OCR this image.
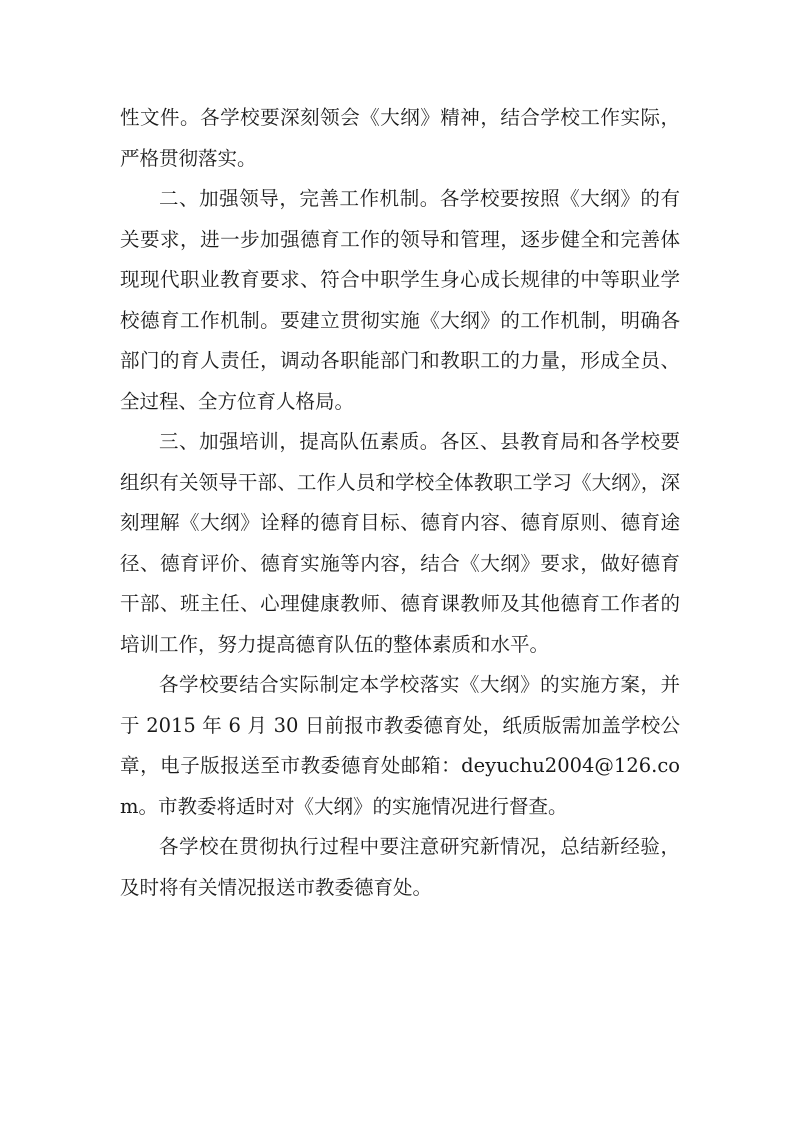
性文件。各学校要深刻领会《大纲》精神，结合学校工作实际，严格贯彻落实。

二、加强领导，完善工作机制。各学校要按照《大纲》的有关要求，进一步加强德育工作的领导和管理，逐步健全和完善体现现代职业教育要求、符合中职学生身心成长规律的中等职业学校德育工作机制。要建立贯彻实施《大纲》的工作机制，明确各部门的育人责任，调动各职能部门和教职工的力量，形成全员、全过程、全方位育人格局。

三、加强培训，提高队伍素质。各区、县教育局和各学校要组织有关领导干部、工作人员和学校全体教职工学习《大纲》，深刻理解《大纲》诠释的德育目标、德育内容、德育原则、德育途径、德育评价、德育实施等内容，结合《大纲》要求，做好德育干部、班主任、心理健康教师、德育课教师及其他德育工作者的培训工作，努力提高德育队伍的整体素质和水平。

各学校要结合实际制定本学校落实《大纲》的实施方案，并于 2015 年 6 月 30 日前报市教委德育处，纸质版需加盖学校公章，电子版报送至市教委德育处邮箱：deyuchu2004@126.com。市教委将适时对《大纲》的实施情况进行督查。

各学校在贯彻执行过程中要注意研究新情况，总结新经验，及时将有关情况报送市教委德育处。
